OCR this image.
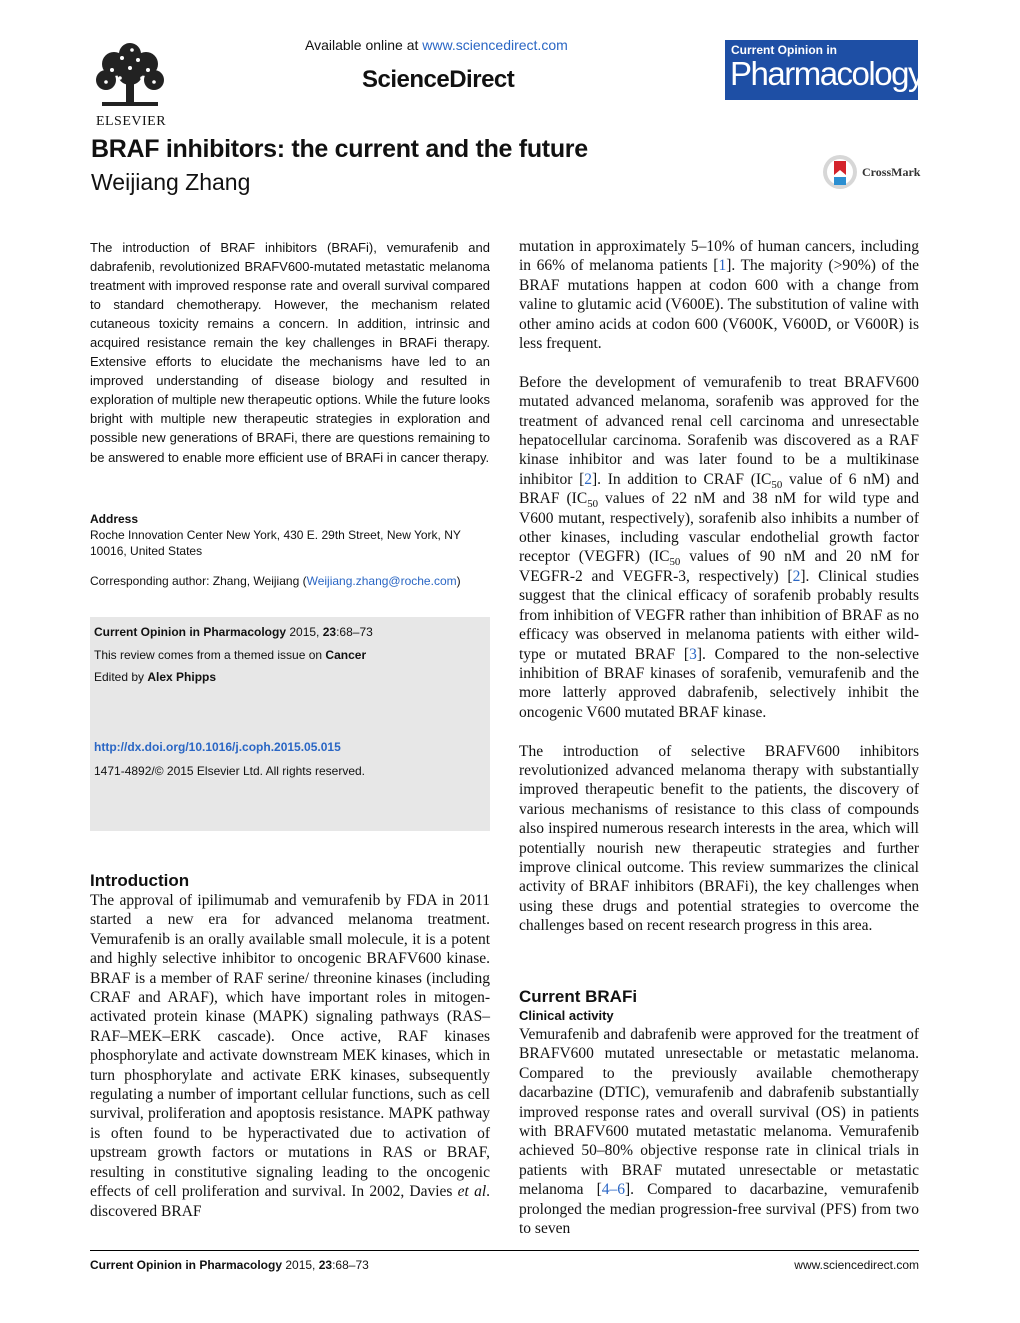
ELSEVIER
Available online at www.sciencedirect.com
ScienceDirect
Current Opinion in
Pharmacology
BRAF inhibitors: the current and the future
Weijiang Zhang	CrossMark
The introduction of BRAF inhibitors (BRAFi), vemurafenib and dabrafenib, revolutionized BRAFV600-mutated metastatic melanoma treatment with improved response rate and overall survival compared to standard chemotherapy. However, the mechanism related cutaneous toxicity remains a concern. In addition, intrinsic and acquired resistance remain the key challenges in BRAFi therapy. Extensive efforts to elucidate the mechanisms have led to an improved understanding of disease biology and resulted in exploration of multiple new therapeutic options. While the future looks bright with multiple new therapeutic strategies in exploration and possible new generations of BRAFi, there are questions remaining to be answered to enable more efficient use of BRAFi in cancer therapy.
Address
Roche Innovation Center New York, 430 E. 29th Street, New York, NY 10016, United States
Corresponding author: Zhang, Weijiang (Weijiang.zhang@roche.com)
Current Opinion in Pharmacology 2015, 23:68–73
This review comes from a themed issue on Cancer
Edited by Alex Phipps
http://dx.doi.org/10.1016/j.coph.2015.05.015
1471-4892/© 2015 Elsevier Ltd. All rights reserved.
Introduction
The approval of ipilimumab and vemurafenib by FDA in 2011 started a new era for advanced melanoma treatment. Vemurafenib is an orally available small molecule, it is a potent and highly selective inhibitor to oncogenic BRAFV600 kinase. BRAF is a member of RAF serine/ threonine kinases (including CRAF and ARAF), which have important roles in mitogen-activated protein kinase (MAPK) signaling pathways (RAS–RAF–MEK–ERK cascade). Once active, RAF kinases phosphorylate and activate downstream MEK kinases, which in turn phosphorylate and activate ERK kinases, subsequently regulating a number of important cellular functions, such as cell survival, proliferation and apoptosis resistance. MAPK pathway is often found to be hyperactivated due to activation of upstream growth factors or mutations in RAS or BRAF, resulting in constitutive signaling leading to the oncogenic effects of cell proliferation and survival. In 2002, Davies et al. discovered BRAF

mutation in approximately 5–10% of human cancers, including in 66% of melanoma patients [1]. The majority (>90%) of the BRAF mutations happen at codon 600 with a change from valine to glutamic acid (V600E). The substitution of valine with other amino acids at codon 600 (V600K, V600D, or V600R) is less frequent.

Before the development of vemurafenib to treat BRAFV600 mutated advanced melanoma, sorafenib was approved for the treatment of advanced renal cell carcinoma and unresectable hepatocellular carcinoma. Sorafenib was discovered as a RAF kinase inhibitor and was later found to be a multikinase inhibitor [2]. In addition to CRAF ($IC_{50}$ value of 6 nM) and BRAF ($IC_{50}$ values of 22 nM and 38 nM for wild type and V600 mutant, respectively), sorafenib also inhibits a number of other kinases, including vascular endothelial growth factor receptor (VEGFR) ($IC_{50}$ values of 90 nM and 20 nM for VEGFR-2 and VEGFR-3, respectively) [2]. Clinical studies suggest that the clinical efficacy of sorafenib probably results from inhibition of VEGFR rather than inhibition of BRAF as no efficacy was observed in melanoma patients with either wild-type or mutated BRAF [3]. Compared to the non-selective inhibition of BRAF kinases of sorafenib, vemurafenib and the more latterly approved dabrafenib, selectively inhibit the oncogenic V600 mutated BRAF kinase.

The introduction of selective BRAFV600 inhibitors revolutionized advanced melanoma therapy with substantially improved therapeutic benefit to the patients, the discovery of various mechanisms of resistance to this class of compounds also inspired numerous research interests in the area, which will potentially nourish new therapeutic strategies and further improve clinical outcome. This review summarizes the clinical activity of BRAF inhibitors (BRAFi), the key challenges when using these drugs and potential strategies to overcome the challenges based on recent research progress in this area.

Current BRAFi
Clinical activity
Vemurafenib and dabrafenib were approved for the treatment of BRAFV600 mutated unresectable or metastatic melanoma. Compared to the previously available chemotherapy dacarbazine (DTIC), vemurafenib and dabrafenib substantially improved response rates and overall survival (OS) in patients with BRAFV600 mutated metastatic melanoma. Vemurafenib achieved 50–80% objective response rate in clinical trials in patients with BRAF mutated unresectable or metastatic melanoma [4–6]. Compared to dacarbazine, vemurafenib prolonged the median progression-free survival (PFS) from two to seven
Current Opinion in Pharmacology 2015, 23:68–73	www.sciencedirect.com
